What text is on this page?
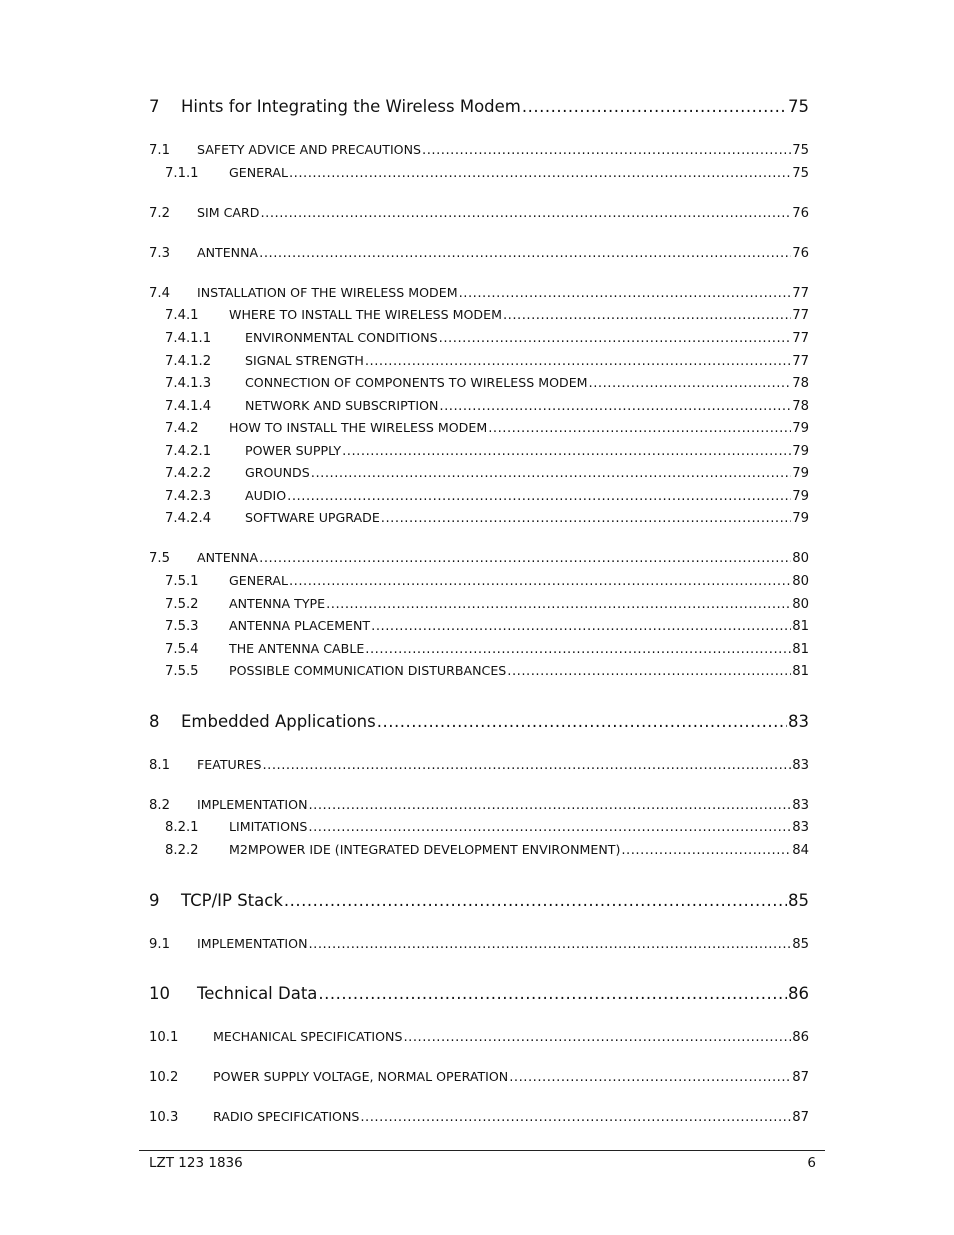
7	Hints for Integrating the Wireless Modem .....	75
7.1	SAFETY ADVICE AND PRECAUTIONS .....	75
7.1.1	GENERAL .....	75
7.2	SIM CARD .....	76
7.3	ANTENNA .....	76
7.4	INSTALLATION OF THE WIRELESS MODEM .....	77
7.4.1	WHERE TO INSTALL THE WIRELESS MODEM .....	77
7.4.1.1	ENVIRONMENTAL CONDITIONS .....	77
7.4.1.2	SIGNAL STRENGTH .....	77
7.4.1.3	CONNECTION OF COMPONENTS TO WIRELESS MODEM .....	78
7.4.1.4	NETWORK AND SUBSCRIPTION .....	78
7.4.2	HOW TO INSTALL THE WIRELESS MODEM .....	79
7.4.2.1	POWER SUPPLY .....	79
7.4.2.2	GROUNDS .....	79
7.4.2.3	AUDIO .....	79
7.4.2.4	SOFTWARE UPGRADE .....	79
7.5	ANTENNA .....	80
7.5.1	GENERAL .....	80
7.5.2	ANTENNA TYPE .....	80
7.5.3	ANTENNA PLACEMENT .....	81
7.5.4	THE ANTENNA CABLE .....	81
7.5.5	POSSIBLE COMMUNICATION DISTURBANCES .....	81
8	Embedded Applications .....	83
8.1	FEATURES .....	83
8.2	IMPLEMENTATION .....	83
8.2.1	LIMITATIONS .....	83
8.2.2	M2MPOWER IDE (INTEGRATED DEVELOPMENT ENVIRONMENT) .....	84
9	TCP/IP Stack .....	85
9.1	IMPLEMENTATION .....	85
10	Technical Data .....	86
10.1	MECHANICAL SPECIFICATIONS .....	86
10.2	POWER SUPPLY VOLTAGE, NORMAL OPERATION .....	87
10.3	RADIO SPECIFICATIONS .....	87
LZT 123 1836	6
